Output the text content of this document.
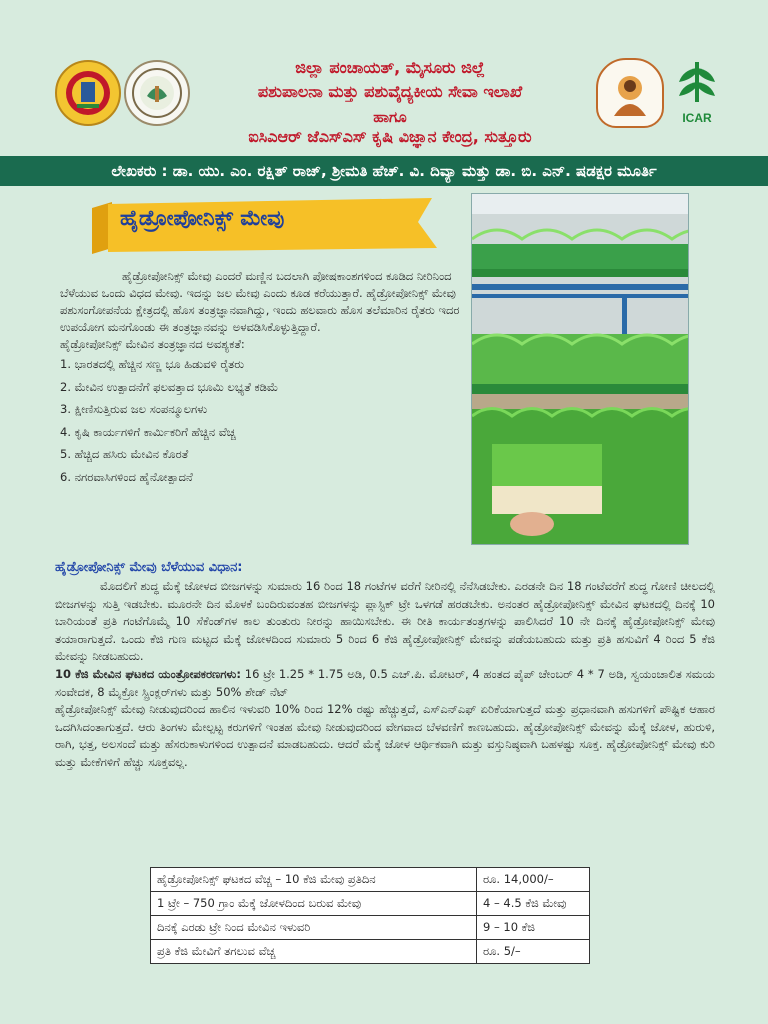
ಜಿಲ್ಲಾ ಪಂಚಾಯತ್, ಮೈಸೂರು ಜಿಲ್ಲೆ
ಪಶುಪಾಲನಾ ಮತ್ತು ಪಶುವೈದ್ಯಕೀಯ ಸೇವಾ ಇಲಾಖೆ
ಹಾಗೂ
ಐಸಿಎಆರ್ ಜೆಎಸ್ಎಸ್ ಕೃಷಿ ವಿಜ್ಞಾನ ಕೇಂದ್ರ, ಸುತ್ತೂರು
ICAR
ಲೇಖಕರು : ಡಾ. ಯು. ಎಂ. ರಕ್ಷಿತ್ ರಾಜ್, ಶ್ರೀಮತಿ ಹೆಚ್. ವಿ. ದಿವ್ಯಾ ಮತ್ತು ಡಾ. ಬಿ. ಎನ್. ಷಡಕ್ಷರ ಮೂರ್ತಿ
ಹೈಡ್ರೋಪೋನಿಕ್ಸ್ ಮೇವು

ಹೈಡ್ರೋಪೋನಿಕ್ಸ್ ಮೇವು ಎಂದರೆ ಮಣ್ಣಿನ ಬದಲಾಗಿ ಪೋಷಕಾಂಶಗಳಿಂದ ಕೂಡಿದ ನೀರಿನಿಂದ ಬೆಳೆಯುವ ಒಂದು ವಿಧದ ಮೇವು. ಇದನ್ನು ಜಲ ಮೇವು ಎಂದು ಕೂಡ ಕರೆಯುತ್ತಾರೆ. ಹೈಡ್ರೋಪೋನಿಕ್ಸ್ ಮೇವು ಪಶುಸಂಗೋಪನೆಯ ಕ್ಷೇತ್ರದಲ್ಲಿ ಹೊಸ ತಂತ್ರಜ್ಞಾನವಾಗಿದ್ದು, ಇಂದು ಹಲವಾರು ಹೊಸ ತಲೆಮಾರಿನ ರೈತರು ಇದರ ಉಪಯೋಗ ಮನಗೊಂಡು ಈ ತಂತ್ರಜ್ಞಾನವನ್ನು ಅಳವಡಿಸಿಕೊಳ್ಳುತ್ತಿದ್ದಾರೆ.

ಹೈಡ್ರೋಪೋನಿಕ್ಸ್ ಮೇವಿನ ತಂತ್ರಜ್ಞಾನದ ಅವಶ್ಯಕತೆ:
1. ಭಾರತದಲ್ಲಿ ಹೆಚ್ಚಿನ ಸಣ್ಣ ಭೂ ಹಿಡುವಳಿ ರೈತರು
2. ಮೇವಿನ ಉತ್ಪಾದನೆಗೆ ಫಲವತ್ತಾದ ಭೂಮಿ ಲಭ್ಯತೆ ಕಡಿಮೆ
3. ಕ್ಷೀಣಿಸುತ್ತಿರುವ ಜಲ ಸಂಪನ್ಮೂಲಗಳು
4. ಕೃಷಿ ಕಾರ್ಯಗಳಿಗೆ ಕಾರ್ಮಿಕರಿಗೆ ಹೆಚ್ಚಿನ ವೆಚ್ಚ
5. ಹೆಚ್ಚಿದ ಹಸಿರು ಮೇವಿನ ಕೊರತೆ
6. ನಗರವಾಸಿಗಳಿಂದ ಹೈನೋತ್ಪಾದನೆ
ಹೈಡ್ರೋಪೋನಿಕ್ಸ್ ಮೇವು ಬೆಳೆಯುವ ವಿಧಾನ:

ಮೊದಲಿಗೆ ಶುದ್ಧ ಮೆಕ್ಕೆ ಜೋಳದ ಬೀಜಗಳನ್ನು ಸುಮಾರು 16 ರಿಂದ 18 ಗಂಟೆಗಳ ವರೆಗೆ ನೀರಿನಲ್ಲಿ ನೆನೆಸಿಡಬೇಕು. ಎರಡನೇ ದಿನ 18 ಗಂಟೆವರೆಗೆ ಶುದ್ಧ ಗೋಣಿ ಚೀಲದಲ್ಲಿ ಬೀಜಗಳನ್ನು ಸುತ್ತಿ ಇಡಬೇಕು. ಮೂರನೇ ದಿನ ಮೊಳಕೆ ಬಂದಿರುವಂತಹ ಬೀಜಗಳನ್ನು ಪ್ಲಾಸ್ಟಿಕ್ ಟ್ರೇ ಒಳಗಡೆ ಹರಡಬೇಕು. ಅನಂತರ ಹೈಡ್ರೋಪೋನಿಕ್ಸ್ ಮೇವಿನ ಘಟಕದಲ್ಲಿ ದಿನಕ್ಕೆ 10 ಬಾರಿಯಂತೆ ಪ್ರತಿ ಗಂಟೆಗೊಮ್ಮೆ 10 ಸೆಕೆಂಡ್‌ಗಳ ಕಾಲ ತುಂತುರು ನೀರನ್ನು ಹಾಯಿಸಬೇಕು. ಈ ರೀತಿ ಕಾರ್ಯತಂತ್ರಗಳನ್ನು ಪಾಲಿಸಿದರೆ 10 ನೇ ದಿನಕ್ಕೆ ಹೈಡ್ರೋಪೋನಿಕ್ಸ್ ಮೇವು ತಯಾರಾಗುತ್ತದೆ. ಒಂದು ಕೆಜಿ ಗುಣ ಮಟ್ಟದ ಮೆಕ್ಕೆ ಜೋಳದಿಂದ ಸುಮಾರು 5 ರಿಂದ 6 ಕೆಜಿ ಹೈಡ್ರೋಪೋನಿಕ್ಸ್ ಮೇವನ್ನು ಪಡೆಯಬಹುದು ಮತ್ತು ಪ್ರತಿ ಹಸುವಿಗೆ 4 ರಿಂದ 5 ಕೆಜಿ ಮೇವನ್ನು ನೀಡಬಹುದು.

10 ಕೆಜಿ ಮೇವಿನ ಘಟಕದ ಯಂತ್ರೋಪಕರಣಗಳು: 16 ಟ್ರೇ 1.25 * 1.75 ಅಡಿ, 0.5 ಎಚ್.ಪಿ. ಮೋಟರ್, 4 ಹಂತದ ಪೈಪ್ ಚೇಂಬರ್ 4 * 7 ಅಡಿ, ಸ್ವಯಂಚಾಲಿತ ಸಮಯ ಸಂವೇದಕ, 8 ಮೈಕ್ರೋ ಸ್ಪ್ರಿಂಕ್ಲರ್‌ಗಳು ಮತ್ತು 50% ಶೇಡ್ ನೆಟ್

ಹೈಡ್ರೋಪೋನಿಕ್ಸ್ ಮೇವು ನೀಡುವುದರಿಂದ ಹಾಲಿನ ಇಳುವರಿ 10% ರಿಂದ 12% ರಷ್ಟು ಹೆಚ್ಚುತ್ತದೆ, ಎಸ್ಎನ್ಎಫ್ ಏರಿಕೆಯಾಗುತ್ತದೆ ಮತ್ತು ಪ್ರಧಾನವಾಗಿ ಹಸುಗಳಿಗೆ ಪೌಷ್ಟಿಕ ಆಹಾರ ಒದಗಿಸಿದಂತಾಗುತ್ತದೆ. ಆರು ತಿಂಗಳು ಮೇಲ್ಪಟ್ಟ ಕರುಗಳಿಗೆ ಇಂತಹ ಮೇವು ನೀಡುವುದರಿಂದ ವೇಗವಾದ ಬೆಳವಣಿಗೆ ಕಾಣಬಹುದು. ಹೈಡ್ರೋಪೋನಿಕ್ಸ್ ಮೇವನ್ನು ಮೆಕ್ಕೆ ಜೋಳ, ಹುರುಳಿ, ರಾಗಿ, ಭತ್ತ, ಅಲಸಂದೆ ಮತ್ತು ಹೆಸರುಕಾಳುಗಳಿಂದ ಉತ್ಪಾದನೆ ಮಾಡಬಹುದು. ಆದರೆ ಮೆಕ್ಕೆ ಜೋಳ ಆರ್ಥಿಕವಾಗಿ ಮತ್ತು ವಸ್ತುನಿಷ್ಠವಾಗಿ ಬಹಳಷ್ಟು ಸೂಕ್ತ. ಹೈಡ್ರೋಪೋನಿಕ್ಸ್ ಮೇವು ಕುರಿ ಮತ್ತು ಮೇಕೆಗಳಿಗೆ ಹೆಚ್ಚು ಸೂಕ್ತವಲ್ಲ.

ಹೈಡ್ರೋಪೋನಿಕ್ಸ್ ಘಟಕದ ವೆಚ್ಚ – 10 ಕೆಜಿ ಮೇವು ಪ್ರತಿದಿನ	ರೂ. 14,000/–
1 ಟ್ರೇ – 750 ಗ್ರಾಂ ಮೆಕ್ಕೆ ಜೋಳದಿಂದ ಬರುವ ಮೇವು	4 – 4.5 ಕೆಜಿ ಮೇವು
ದಿನಕ್ಕೆ ಎರಡು ಟ್ರೇ ನಿಂದ ಮೇವಿನ ಇಳುವರಿ	9 – 10 ಕೆಜಿ
ಪ್ರತಿ ಕೆಜಿ ಮೇವಿಗೆ ತಗಲುವ ವೆಚ್ಚ	ರೂ. 5/–
